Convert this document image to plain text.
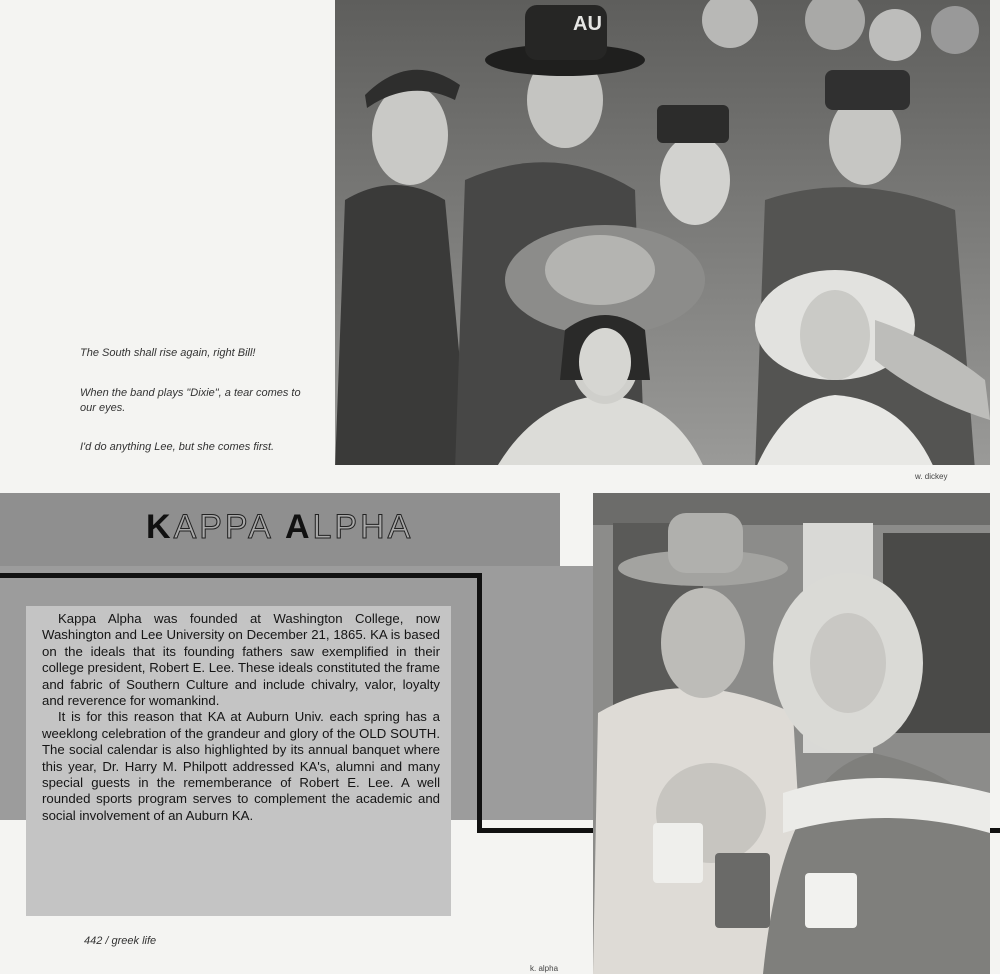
AU

The South shall rise again, right Bill!

When the band plays "Dixie", a tear comes to our eyes.

I'd do anything Lee, but she comes first.

w. dickey
KAPPA ALPHA

Kappa Alpha was founded at Washington College, now Washington and Lee University on December 21, 1865. KA is based on the ideals that its founding fathers saw exemplified in their college president, Robert E. Lee. These ideals constituted the frame and fabric of Southern Culture and include chivalry, valor, loyalty and reverence for womankind.

It is for this reason that KA at Auburn Univ. each spring has a weeklong celebration of the grandeur and glory of the OLD SOUTH. The social calendar is also highlighted by its annual banquet where this year, Dr. Harry M. Philpott addressed KA's, alumni and many special guests in the rememberance of Robert E. Lee. A well rounded sports program serves to complement the academic and social involvement of an Auburn KA.

442 / greek life
k. alpha
